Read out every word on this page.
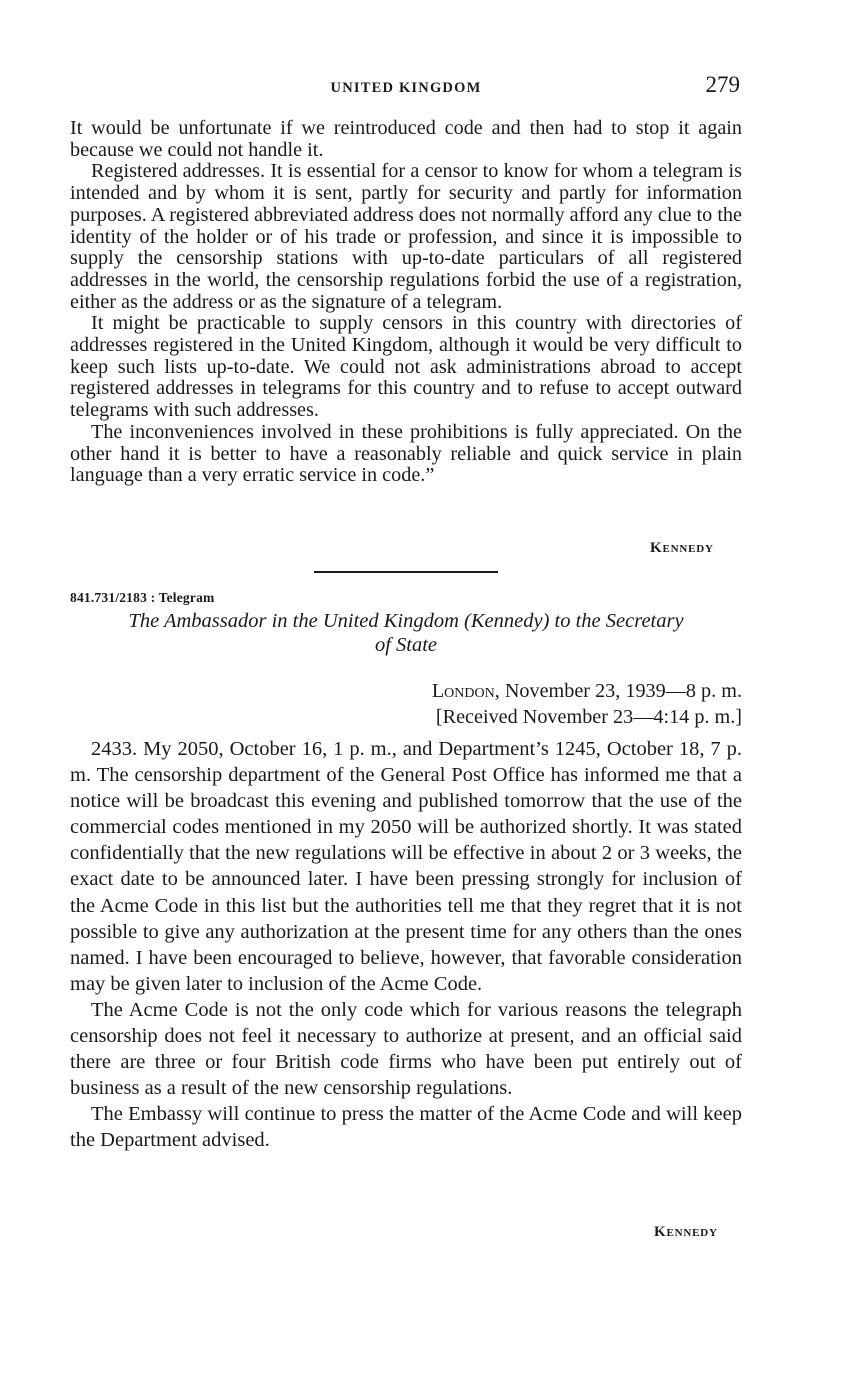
UNITED KINGDOM	279

It would be unfortunate if we reintroduced code and then had to stop it again because we could not handle it.

Registered addresses. It is essential for a censor to know for whom a telegram is intended and by whom it is sent, partly for security and partly for information purposes. A registered abbreviated address does not normally afford any clue to the identity of the holder or of his trade or profession, and since it is impossible to supply the censorship stations with up-to-date particulars of all registered addresses in the world, the censorship regulations forbid the use of a registration, either as the address or as the signature of a telegram.

It might be practicable to supply censors in this country with directories of addresses registered in the United Kingdom, although it would be very difficult to keep such lists up-to-date. We could not ask administrations abroad to accept registered addresses in telegrams for this country and to refuse to accept outward telegrams with such addresses.

The inconveniences involved in these prohibitions is fully appreciated. On the other hand it is better to have a reasonably reliable and quick service in plain language than a very erratic service in code.”

Kennedy
841.731/2183 : Telegram
The Ambassador in the United Kingdom (Kennedy) to the Secretary
of State
London, November 23, 1939—8 p. m.
[Received November 23—4:14 p. m.]

2433. My 2050, October 16, 1 p. m., and Department’s 1245, October 18, 7 p. m. The censorship department of the General Post Office has informed me that a notice will be broadcast this evening and published tomorrow that the use of the commercial codes mentioned in my 2050 will be authorized shortly. It was stated confidentially that the new regulations will be effective in about 2 or 3 weeks, the exact date to be announced later. I have been pressing strongly for inclusion of the Acme Code in this list but the authorities tell me that they regret that it is not possible to give any authorization at the present time for any others than the ones named. I have been encouraged to believe, however, that favorable consideration may be given later to inclusion of the Acme Code.

The Acme Code is not the only code which for various reasons the telegraph censorship does not feel it necessary to authorize at present, and an official said there are three or four British code firms who have been put entirely out of business as a result of the new censorship regulations.

The Embassy will continue to press the matter of the Acme Code and will keep the Department advised.

Kennedy
